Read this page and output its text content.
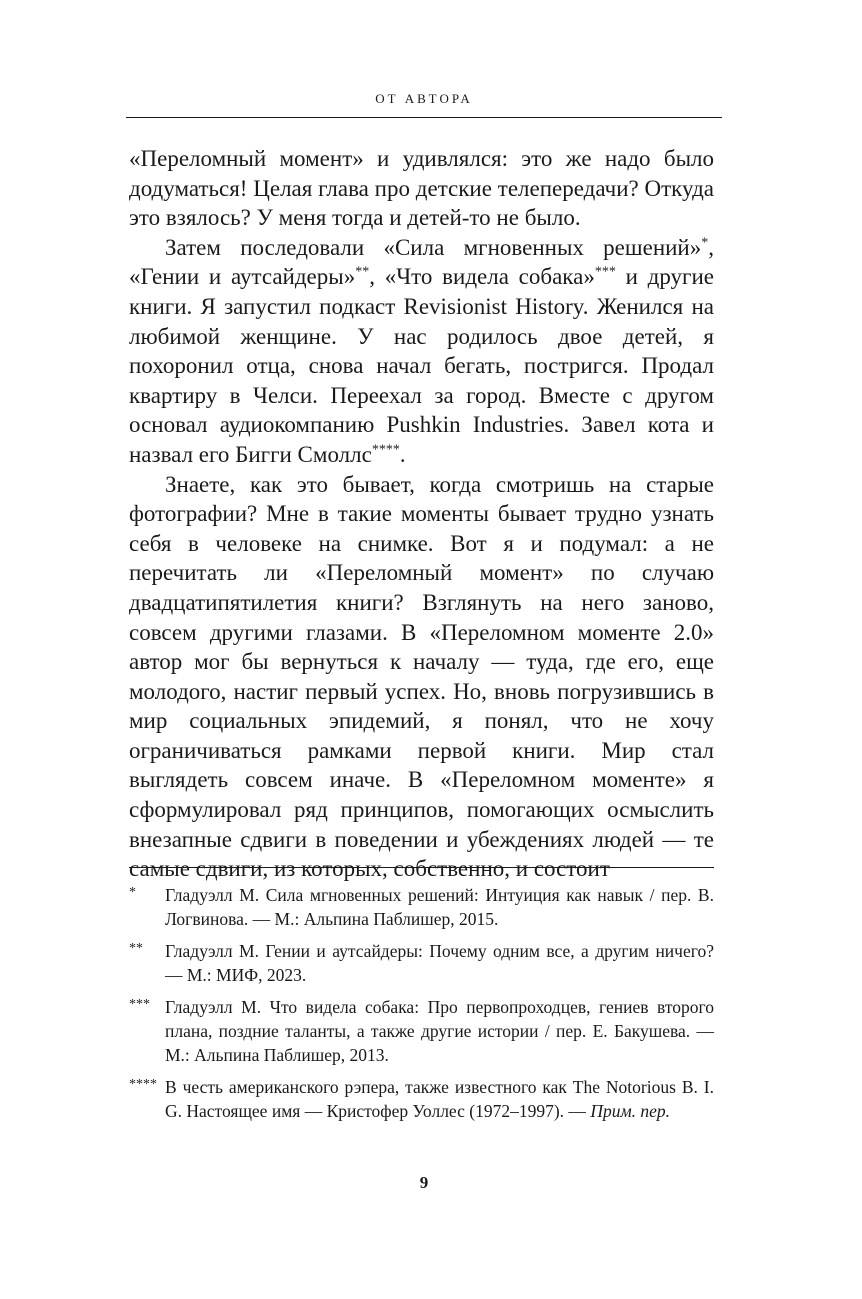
ОТ АВТОРА

«Переломный момент» и удивлялся: это же надо было додуматься! Целая глава про детские телепередачи? Откуда это взялось? У меня тогда и детей-то не было.

Затем последовали «Сила мгновенных решений»*, «Гении и аутсайдеры»**, «Что видела собака»*** и другие книги. Я запустил подкаст Revisionist History. Женился на любимой женщине. У нас родилось двое детей, я похоронил отца, снова начал бегать, постригся. Продал квартиру в Челси. Переехал за город. Вместе с другом основал аудиокомпанию Pushkin Industries. Завел кота и назвал его Бигги Смоллс****.

Знаете, как это бывает, когда смотришь на старые фотографии? Мне в такие моменты бывает трудно узнать себя в человеке на снимке. Вот я и подумал: а не перечитать ли «Переломный момент» по случаю двадцатипятилетия книги? Взглянуть на него заново, совсем другими глазами. В «Переломном моменте 2.0» автор мог бы вернуться к началу — туда, где его, еще молодого, настиг первый успех. Но, вновь погрузившись в мир социальных эпидемий, я понял, что не хочу ограничиваться рамками первой книги. Мир стал выглядеть совсем иначе. В «Переломном моменте» я сформулировал ряд принципов, помогающих осмыслить внезапные сдвиги в поведении и убеждениях людей — те самые сдвиги, из которых, собственно, и состоит

*	Гладуэлл М. Сила мгновенных решений: Интуиция как навык / пер. В. Логвинова. — М.: Альпина Паблишер, 2015.
**	Гладуэлл М. Гении и аутсайдеры: Почему одним все, а другим ничего? — М.: МИФ, 2023.
*** Гладуэлл М. Что видела собака: Про первопроходцев, гениев второго плана, поздние таланты, а также другие истории / пер. Е. Бакушева. — М.: Альпина Паблишер, 2013.
**** В честь американского рэпера, также известного как The Notorious B. I. G. Настоящее имя — Кристофер Уоллес (1972–1997). — Прим. пер.
9
